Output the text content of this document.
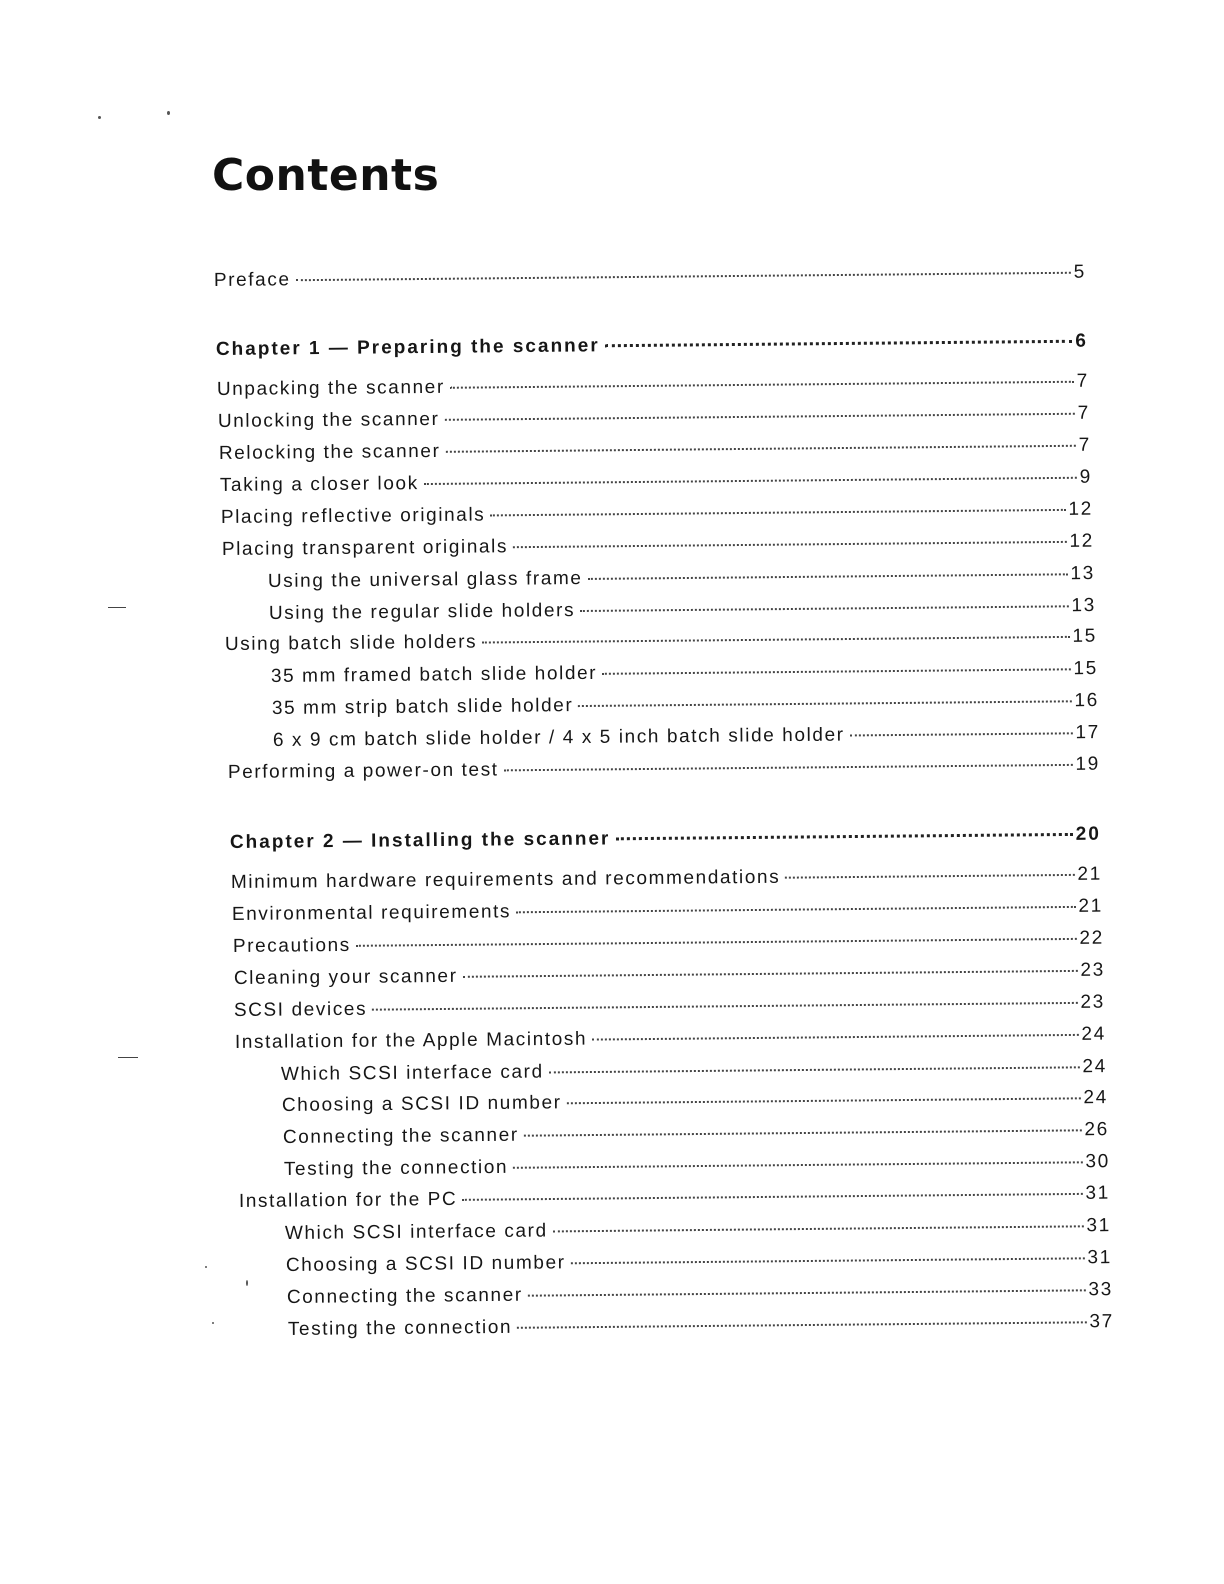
Contents
Preface	5
Chapter 1 — Preparing the scanner	6
Unpacking the scanner	7
Unlocking the scanner	7
Relocking the scanner	7
Taking a closer look	9
Placing reflective originals	12
Placing transparent originals	12
Using the universal glass frame	13
Using the regular slide holders	13
Using batch slide holders	15
35 mm framed batch slide holder	15
35 mm strip batch slide holder	16
6 x 9 cm batch slide holder / 4 x 5 inch batch slide holder	17
Performing a power-on test	19
Chapter 2 — Installing the scanner	20
Minimum hardware requirements and recommendations	21
Environmental requirements	21
Precautions	22
Cleaning your scanner	23
SCSI devices	23
Installation for the Apple Macintosh	24
Which SCSI interface card	24
Choosing a SCSI ID number	24
Connecting the scanner	26
Testing the connection	30
Installation for the PC	31
Which SCSI interface card	31
Choosing a SCSI ID number	31
Connecting the scanner	33
Testing the connection	37
